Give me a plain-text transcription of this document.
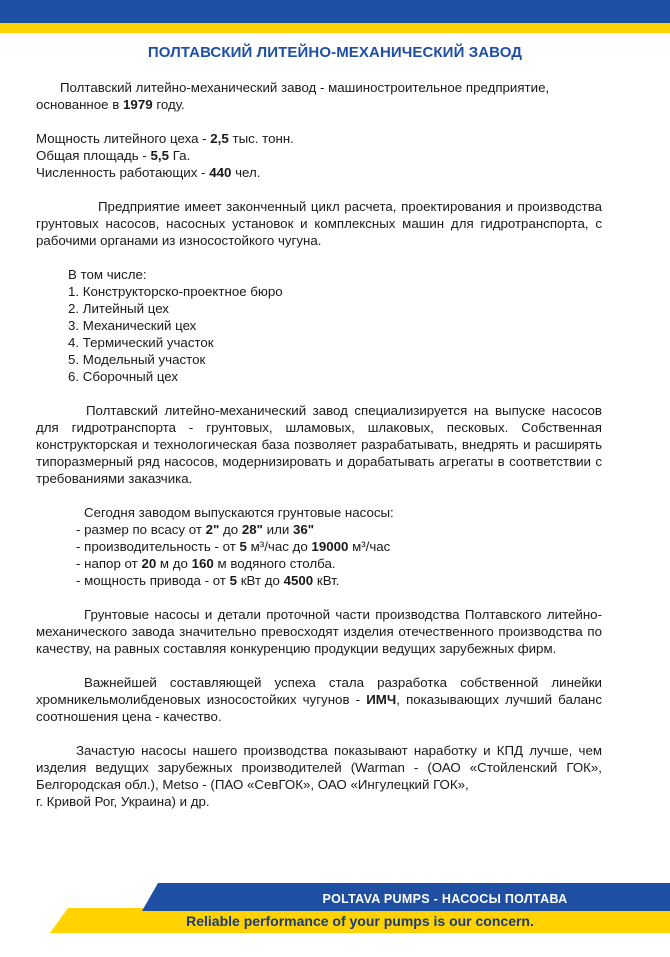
ПОЛТАВСКИЙ ЛИТЕЙНО-МЕХАНИЧЕСКИЙ ЗАВОД

Полтавский литейно-механический завод - машиностроительное предприятие, основанное в 1979 году.

Мощность литейного цеха - 2,5 тыс. тонн.

Общая площадь - 5,5 Га.

Численность работающих - 440 чел.

Предприятие имеет законченный цикл расчета, проектирования и производства грунтовых насосов, насосных установок и комплексных машин для гидротранспорта, с рабочими органами из износостойкого чугуна.

В том числе:

1. Конструкторско-проектное бюро

2. Литейный цех

3. Механический цех

4. Термический участок

5. Модельный участок

6. Сборочный цех

Полтавский литейно-механический завод специализируется на выпуске насосов для гидротранспорта - грунтовых, шламовых, шлаковых, песковых. Собственная конструкторская и технологическая база позволяет разрабатывать, внедрять и расширять типоразмерный ряд насосов, модернизировать и дорабатывать агрегаты в соответствии с требованиями заказчика.

Сегодня заводом выпускаются грунтовые насосы:

- размер по всасу от 2" до 28" или 36"

- производительность - от 5 м³/час до 19000 м³/час

- напор от 20 м до 160 м водяного столба.

- мощность привода - от 5 кВт до 4500 кВт.

Грунтовые насосы и детали проточной части производства Полтавского литейно-механического завода значительно превосходят изделия отечественного производства по качеству, на равных составляя конкуренцию продукции ведущих зарубежных фирм.

Важнейшей составляющей успеха стала разработка собственной линейки хромникельмолибденовых износостойких чугунов - ИМЧ, показывающих лучший баланс соотношения цена - качество.

Зачастую насосы нашего производства показывают наработку и КПД лучше, чем изделия ведущих зарубежных производителей (Warman - (ОАО «Стойленский ГОК», Белгородская обл.), Metso - (ПАО «СевГОК», ОАО «Ингулецкий ГОК»,

г. Кривой Рог, Украина) и др.

POLTAVA PUMPS - НАСОСЫ ПОЛТАВА
Reliable performance of your pumps is our concern.
